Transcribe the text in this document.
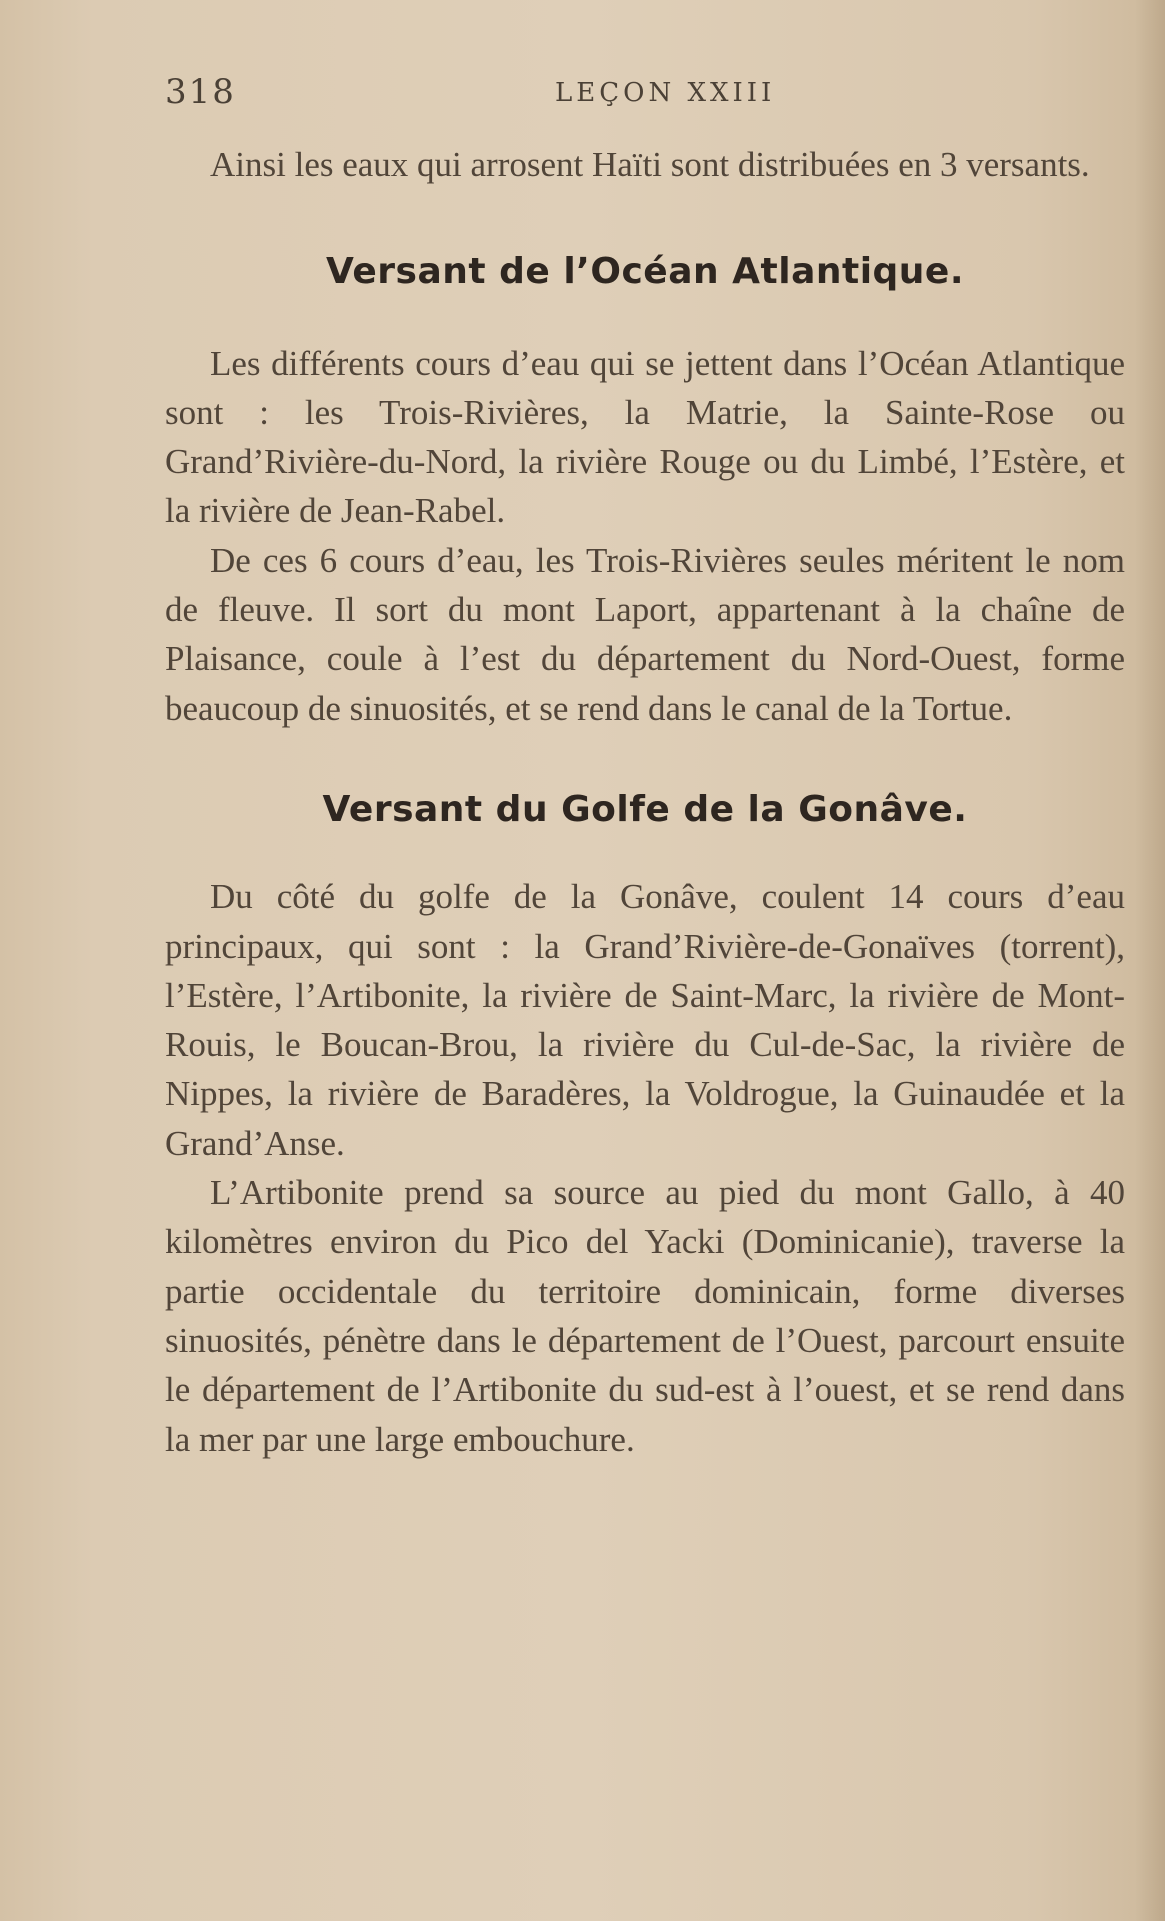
318	LEÇON XXIII

Ainsi les eaux qui arrosent Haïti sont distribuées en 3 versants.

Versant de l’Océan Atlantique.

Les différents cours d’eau qui se jettent dans l’Océan Atlantique sont : les Trois-Rivières, la Matrie, la Sainte-Rose ou Grand’Rivière-du-Nord, la rivière Rouge ou du Limbé, l’Estère, et la rivière de Jean-Rabel.

De ces 6 cours d’eau, les Trois-Rivières seules méritent le nom de fleuve. Il sort du mont Laport, appartenant à la chaîne de Plaisance, coule à l’est du département du Nord-Ouest, forme beaucoup de sinuosités, et se rend dans le canal de la Tortue.

Versant du Golfe de la Gonâve.

Du côté du golfe de la Gonâve, coulent 14 cours d’eau principaux, qui sont : la Grand’Rivière-de-Gonaïves (torrent), l’Estère, l’Artibonite, la rivière de Saint-Marc, la rivière de Mont-Rouis, le Boucan-Brou, la rivière du Cul-de-Sac, la rivière de Nippes, la rivière de Baradères, la Voldrogue, la Guinaudée et la Grand’Anse.

L’Artibonite prend sa source au pied du mont Gallo, à 40 kilomètres environ du Pico del Yacki (Dominicanie), traverse la partie occidentale du territoire dominicain, forme diverses sinuosités, pénètre dans le département de l’Ouest, parcourt ensuite le département de l’Artibonite du sud-est à l’ouest, et se rend dans la mer par une large embouchure.
